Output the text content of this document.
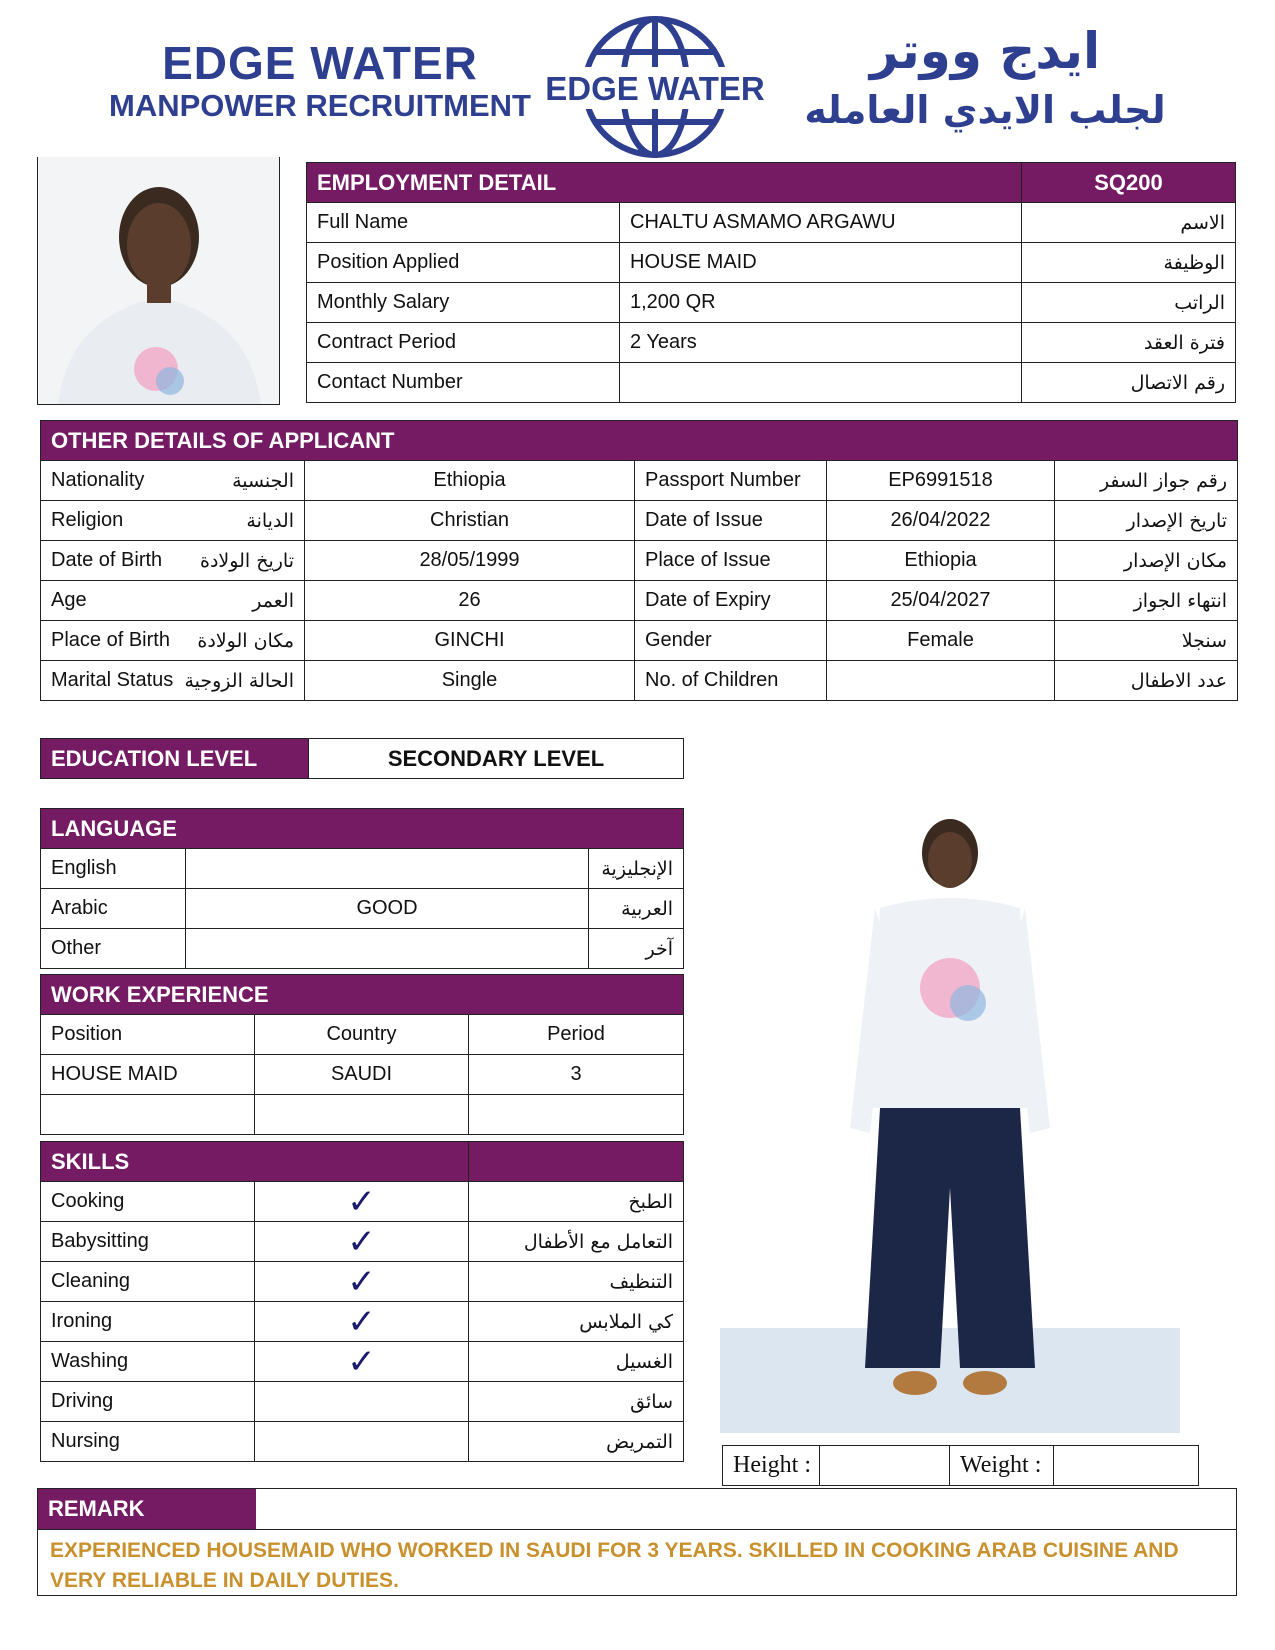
EDGE WATER
MANPOWER RECRUITMENT EDGE WATER
ايدج ووتر
لجلب الايدي العامله
EMPLOYMENT DETAIL		SQ200
Full Name	CHALTU ASMAMO ARGAWU	الاسم
Position Applied	HOUSE MAID	الوظيفة
Monthly Salary	1,200 QR	الراتب
Contract Period	2 Years	فترة العقد
Contact Number		رقم الاتصال
OTHER DETAILS OF APPLICANT					
Nationality	الجنسية	Ethiopia	Passport Number	EP6991518	رقم جواز السفر
Religion	الديانة	Christian	Date of Issue	26/04/2022	تاريخ الإصدار
Date of Birth	تاريخ الولادة	28/05/1999	Place of Issue	Ethiopia	مكان الإصدار
Age	العمر	26	Date of Expiry	25/04/2027	انتهاء الجواز
Place of Birth	مكان الولادة	GINCHI	Gender	Female	سنجلا
Marital Status	الحالة الزوجية	Single	No. of Children		عدد الاطفال
EDUCATION LEVEL	SECONDARY LEVEL
LANGUAGE		
English		الإنجليزية
Arabic	GOOD	العربية
Other		آخر
WORK EXPERIENCE		
Position	Country	Period
HOUSE MAID	SAUDI	3

SKILLS		
Cooking	✓	الطبخ
Babysitting	✓	التعامل مع الأطفال
Cleaning	✓	التنظيف
Ironing	✓	كي الملابس
Washing	✓	الغسيل
Driving		سائق
Nursing		التمريض
Height :		Weight :	
REMARK
EXPERIENCED HOUSEMAID WHO WORKED IN SAUDI FOR 3 YEARS. SKILLED IN COOKING ARAB CUISINE AND VERY RELIABLE IN DAILY DUTIES.
